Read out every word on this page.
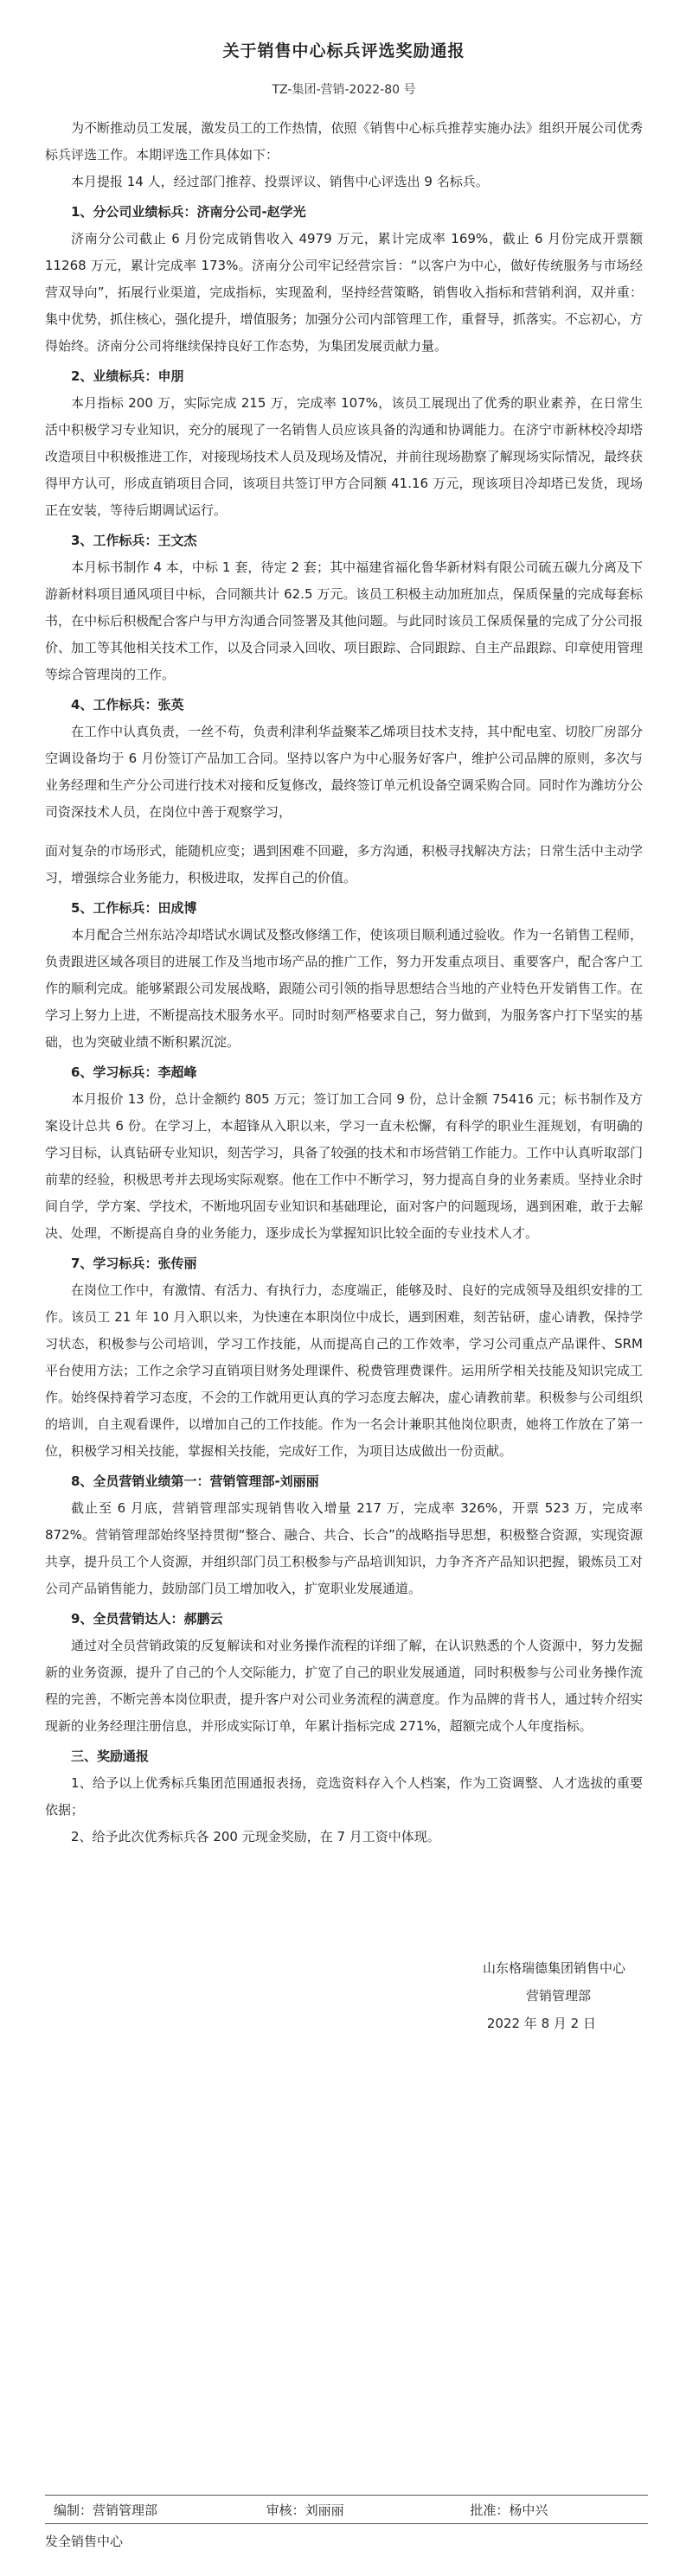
关于销售中心标兵评选奖励通报
TZ-集团-营销-2022-80 号

为不断推动员工发展，激发员工的工作热情，依照《销售中心标兵推荐实施办法》组织开展公司优秀标兵评选工作。本期评选工作具体如下：

本月提报 14 人，经过部门推荐、投票评议、销售中心评选出 9 名标兵。

1、分公司业绩标兵：济南分公司-赵学光

济南分公司截止 6 月份完成销售收入 4979 万元，累计完成率 169%，截止 6 月份完成开票额 11268 万元，累计完成率 173%。济南分公司牢记经营宗旨：“以客户为中心，做好传统服务与市场经营双导向”，拓展行业渠道，完成指标，实现盈利，坚持经营策略，销售收入指标和营销利润，双并重：集中优势，抓住核心，强化提升，增值服务；加强分公司内部管理工作，重督导，抓落实。不忘初心，方得始终。济南分公司将继续保持良好工作态势，为集团发展贡献力量。

2、业绩标兵：申朋

本月指标 200 万，实际完成 215 万，完成率 107%，该员工展现出了优秀的职业素养，在日常生活中积极学习专业知识，充分的展现了一名销售人员应该具备的沟通和协调能力。在济宁市新林校冷却塔改造项目中积极推进工作，对接现场技术人员及现场及情况，并前往现场勘察了解现场实际情况，最终获得甲方认可，形成直销项目合同，该项目共签订甲方合同额 41.16 万元，现该项目冷却塔已发货，现场正在安装，等待后期调试运行。

3、工作标兵：王文杰

本月标书制作 4 本，中标 1 套，待定 2 套；其中福建省福化鲁华新材料有限公司硫五碳九分离及下游新材料项目通风项目中标，合同额共计 62.5 万元。该员工积极主动加班加点，保质保量的完成每套标书，在中标后积极配合客户与甲方沟通合同签署及其他问题。与此同时该员工保质保量的完成了分公司报价、加工等其他相关技术工作，以及合同录入回收、项目跟踪、合同跟踪、自主产品跟踪、印章使用管理等综合管理岗的工作。

4、工作标兵：张英

在工作中认真负责，一丝不苟，负责利津利华益聚苯乙烯项目技术支持，其中配电室、切胶厂房部分空调设备均于 6 月份签订产品加工合同。坚持以客户为中心服务好客户，维护公司品牌的原则，多次与业务经理和生产分公司进行技术对接和反复修改，最终签订单元机设备空调采购合同。同时作为潍坊分公司资深技术人员，在岗位中善于观察学习，

面对复杂的市场形式，能随机应变；遇到困难不回避，多方沟通，积极寻找解决方法；日常生活中主动学习，增强综合业务能力，积极进取，发挥自己的价值。

5、工作标兵：田成博

本月配合兰州东站冷却塔试水调试及整改修缮工作，使该项目顺利通过验收。作为一名销售工程师，负责跟进区域各项目的进展工作及当地市场产品的推广工作，努力开发重点项目、重要客户，配合客户工作的顺利完成。能够紧跟公司发展战略，跟随公司引领的指导思想结合当地的产业特色开发销售工作。在学习上努力上进，不断提高技术服务水平。同时时刻严格要求自己，努力做到，为服务客户打下坚实的基础，也为突破业绩不断积累沉淀。

6、学习标兵：李超峰

本月报价 13 份，总计金额约 805 万元；签订加工合同 9 份，总计金额 75416 元；标书制作及方案设计总共 6 份。在学习上，本超锋从入职以来，学习一直未松懈，有科学的职业生涯规划，有明确的学习目标，认真钻研专业知识，刻苦学习，具备了较强的技术和市场营销工作能力。工作中认真听取部门前辈的经验，积极思考并去现场实际观察。他在工作中不断学习，努力提高自身的业务素质。坚持业余时间自学，学方案、学技术，不断地巩固专业知识和基础理论，面对客户的问题现场，遇到困难，敢于去解决、处理，不断提高自身的业务能力，逐步成长为掌握知识比较全面的专业技术人才。

7、学习标兵：张传丽

在岗位工作中，有激情、有活力、有执行力，态度端正，能够及时、良好的完成领导及组织安排的工作。该员工 21 年 10 月入职以来，为快速在本职岗位中成长，遇到困难，刻苦钻研，虚心请教，保持学习状态，积极参与公司培训，学习工作技能，从而提高自己的工作效率，学习公司重点产品课件、SRM 平台使用方法；工作之余学习直销项目财务处理课件、税费管理费课件。运用所学相关技能及知识完成工作。始终保持着学习态度，不会的工作就用更认真的学习态度去解决，虚心请教前辈。积极参与公司组织的培训，自主观看课件，以增加自己的工作技能。作为一名会计兼职其他岗位职责，她将工作放在了第一位，积极学习相关技能，掌握相关技能，完成好工作，为项目达成做出一份贡献。

8、全员营销业绩第一：营销管理部-刘丽丽

截止至 6 月底，营销管理部实现销售收入增量 217 万，完成率 326%，开票 523 万，完成率 872%。营销管理部始终坚持贯彻“整合、融合、共合、长合”的战略指导思想，积极整合资源，实现资源共享，提升员工个人资源，并组织部门员工积极参与产品培训知识，力争齐齐产品知识把握，锻炼员工对公司产品销售能力，鼓励部门员工增加收入，扩宽职业发展通道。

9、全员营销达人：郝鹏云

通过对全员营销政策的反复解读和对业务操作流程的详细了解，在认识熟悉的个人资源中，努力发掘新的业务资源，提升了自己的个人交际能力，扩宽了自己的职业发展通道，同时积极参与公司业务操作流程的完善，不断完善本岗位职责，提升客户对公司业务流程的满意度。作为品牌的背书人，通过转介绍实现新的业务经理注册信息，并形成实际订单，年累计指标完成 271%，超额完成个人年度指标。

三、奖励通报

1、给予以上优秀标兵集团范围通报表扬，竞选资料存入个人档案，作为工资调整、人才选拔的重要依据；

2、给予此次优秀标兵各 200 元现金奖励，在 7 月工资中体现。

山东格瑞德集团销售中心
营销管理部
2022 年 8 月 2 日
编制：营销管理部	审核：刘丽丽	批准：杨中兴
发全销售中心
